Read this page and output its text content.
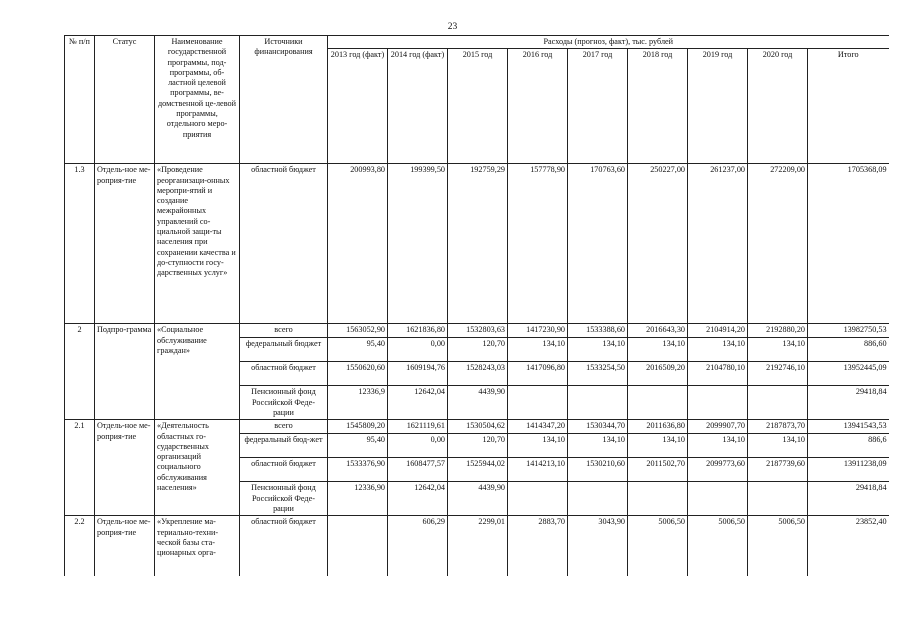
23
№ п/п	Статус	Наименование государственной программы, под-программы, об-ластной целевой программы, ве-домственной це-левой программы, отдельного меро-приятия	Источники финансирования	Расходы (прогноз, факт), тыс. рублей								
				2013 год (факт)	2014 год (факт)	2015 год	2016 год	2017 год	2018 год	2019 год	2020 год	Итого
1.3	Отдель-ное ме-роприя-тие	«Проведение реорганизаци-онных меропри-ятий и создание межрайонных управлений со-циальной защи-ты населения при сохранении качества и до-ступности госу-дарственных услуг»	областной бюджет	200993,80	199399,50	192759,29	157778,90	170763,60	250227,00	261237,00	272209,00	1705368,09
2	Подпро-грамма	«Социальное обслуживание граждан»	всего	1563052,90	1621836,80	1532803,63	1417230,90	1533388,60	2016643,30	2104914,20	2192880,20	13982750,53
			федеральный бюджет	95,40	0,00	120,70	134,10	134,10	134,10	134,10	134,10	886,60
			областной бюджет	1550620,60	1609194,76	1528243,03	1417096,80	1533254,50	2016509,20	2104780,10	2192746,10	13952445,09
			Пенсионный фонд Российской Феде-рации	12336,9	12642,04	4439,90						29418,84
2.1	Отдель-ное ме-роприя-тие	«Деятельность областных го-сударственных организаций социального обслуживания населения»	всего	1545809,20	1621119,61	1530504,62	1414347,20	1530344,70	2011636,80	2099907,70	2187873,70	13941543,53
			федеральный бюд-жет	95,40	0,00	120,70	134,10	134,10	134,10	134,10	134,10	886,6
			областной бюджет	1533376,90	1608477,57	1525944,02	1414213,10	1530210,60	2011502,70	2099773,60	2187739,60	13911238,09
			Пенсионный фонд Российской Феде-рации	12336,90	12642,04	4439,90						29418,84
2.2	Отдель-ное ме-роприя-тие	«Укрепление ма-териально-техни-ческой базы ста-ционарных орга-	областной бюджет		606,29	2299,01	2883,70	3043,90	5006,50	5006,50	5006,50	23852,40
